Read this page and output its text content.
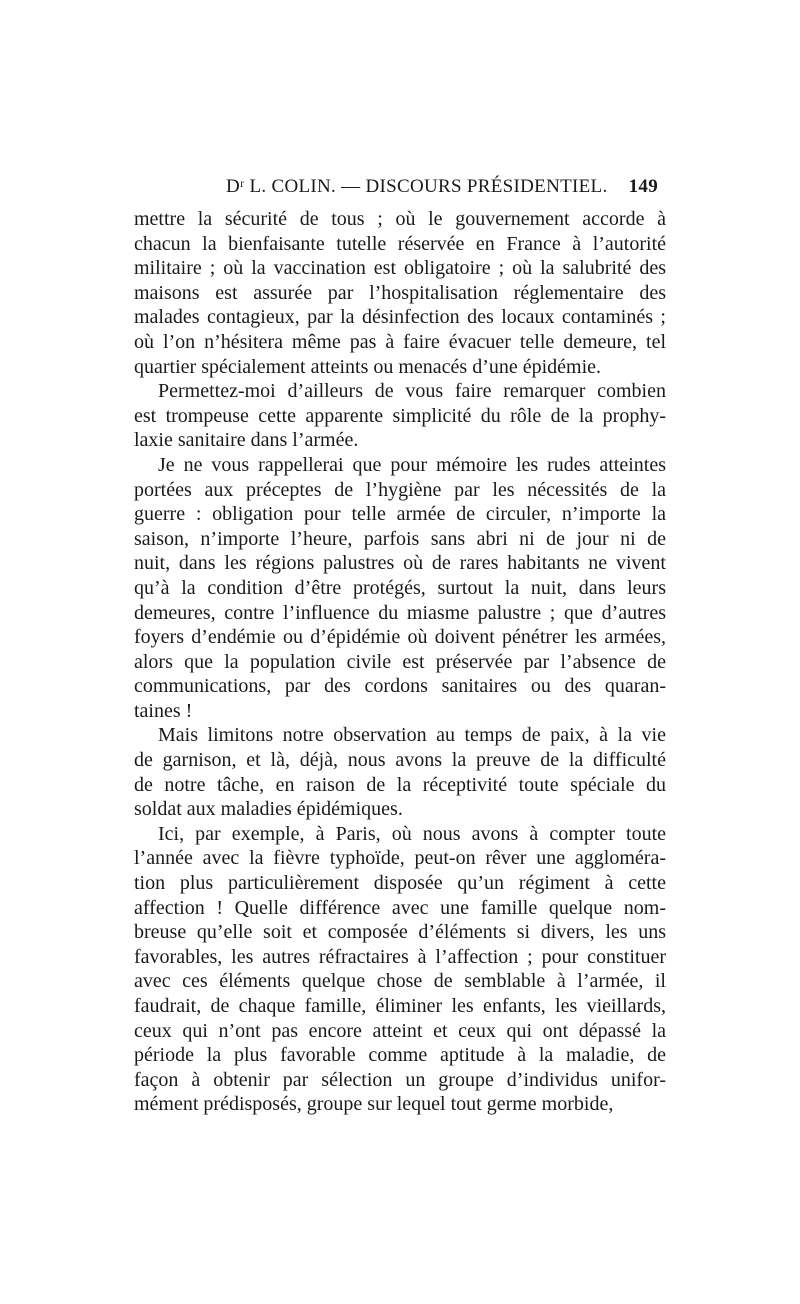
Dʳ L. COLIN. — DISCOURS PRÉSIDENTIEL. 149
mettre la sécurité de tous ; où le gouvernement accorde à
chacun la bienfaisante tutelle réservée en France à l’autorité
militaire ; où la vaccination est obligatoire ; où la salubrité des
maisons est assurée par l’hospitalisation réglementaire des
malades contagieux, par la désinfection des locaux contaminés ;
où l’on n’hésitera même pas à faire évacuer telle demeure, tel
quartier spécialement atteints ou menacés d’une épidémie.
Permettez-moi d’ailleurs de vous faire remarquer combien
est trompeuse cette apparente simplicité du rôle de la prophy-
laxie sanitaire dans l’armée.
Je ne vous rappellerai que pour mémoire les rudes atteintes
portées aux préceptes de l’hygiène par les nécessités de la
guerre : obligation pour telle armée de circuler, n’importe la
saison, n’importe l’heure, parfois sans abri ni de jour ni de
nuit, dans les régions palustres où de rares habitants ne vivent
qu’à la condition d’être protégés, surtout la nuit, dans leurs
demeures, contre l’influence du miasme palustre ; que d’autres
foyers d’endémie ou d’épidémie où doivent pénétrer les armées,
alors que la population civile est préservée par l’absence de
communications, par des cordons sanitaires ou des quaran-
taines !
Mais limitons notre observation au temps de paix, à la vie
de garnison, et là, déjà, nous avons la preuve de la difficulté
de notre tâche, en raison de la réceptivité toute spéciale du
soldat aux maladies épidémiques.
Ici, par exemple, à Paris, où nous avons à compter toute
l’année avec la fièvre typhoïde, peut-on rêver une aggloméra-
tion plus particulièrement disposée qu’un régiment à cette
affection ! Quelle différence avec une famille quelque nom-
breuse qu’elle soit et composée d’éléments si divers, les uns
favorables, les autres réfractaires à l’affection ; pour constituer
avec ces éléments quelque chose de semblable à l’armée, il
faudrait, de chaque famille, éliminer les enfants, les vieillards,
ceux qui n’ont pas encore atteint et ceux qui ont dépassé la
période la plus favorable comme aptitude à la maladie, de
façon à obtenir par sélection un groupe d’individus unifor-
mément prédisposés, groupe sur lequel tout germe morbide,
